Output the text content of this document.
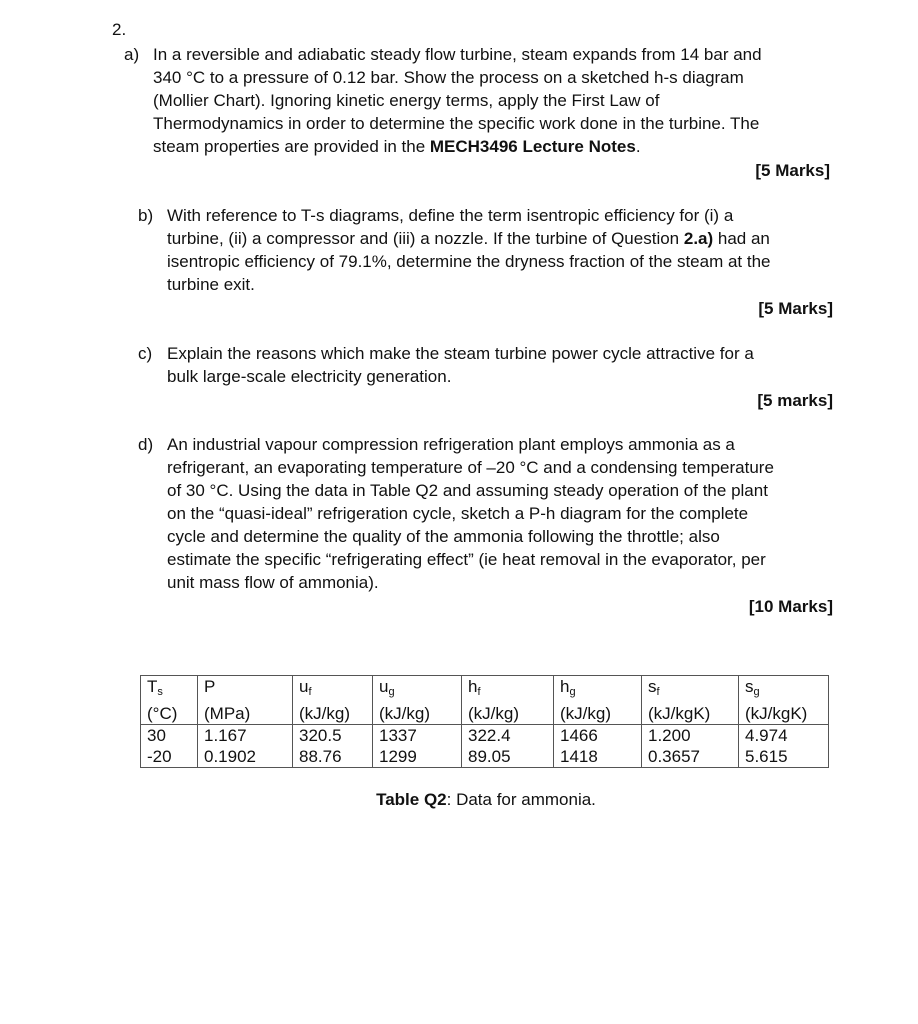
2.
a) In a reversible and adiabatic steady flow turbine, steam expands from 14 bar and
340 °C to a pressure of 0.12 bar. Show the process on a sketched h-s diagram
(Mollier Chart). Ignoring kinetic energy terms, apply the First Law of
Thermodynamics in order to determine the specific work done in the turbine. The
steam properties are provided in the MECH3496 Lecture Notes.
[5 Marks]
b) With reference to T-s diagrams, define the term isentropic efficiency for (i) a
turbine, (ii) a compressor and (iii) a nozzle. If the turbine of Question 2.a) had an
isentropic efficiency of 79.1%, determine the dryness fraction of the steam at the
turbine exit.
[5 Marks]
c) Explain the reasons which make the steam turbine power cycle attractive for a
bulk large-scale electricity generation.
[5 marks]
d) An industrial vapour compression refrigeration plant employs ammonia as a
refrigerant, an evaporating temperature of –20 °C and a condensing temperature
of 30 °C. Using the data in Table Q2 and assuming steady operation of the plant
on the “quasi-ideal” refrigeration cycle, sketch a P-h diagram for the complete
cycle and determine the quality of the ammonia following the throttle; also
estimate the specific “refrigerating effect” (ie heat removal in the evaporator, per
unit mass flow of ammonia).
[10 Marks]
$T_s$	P	$u_f$	$u_g$	$h_f$	$h_g$	$s_f$	$s_g$
(°C)	(MPa)	(kJ/kg)	(kJ/kg)	(kJ/kg)	(kJ/kg)	(kJ/kgK)	(kJ/kgK)
30	1.167	320.5	1337	322.4	1466	1.200	4.974
-20	0.1902	88.76	1299	89.05	1418	0.3657	5.615
Table Q2: Data for ammonia.
